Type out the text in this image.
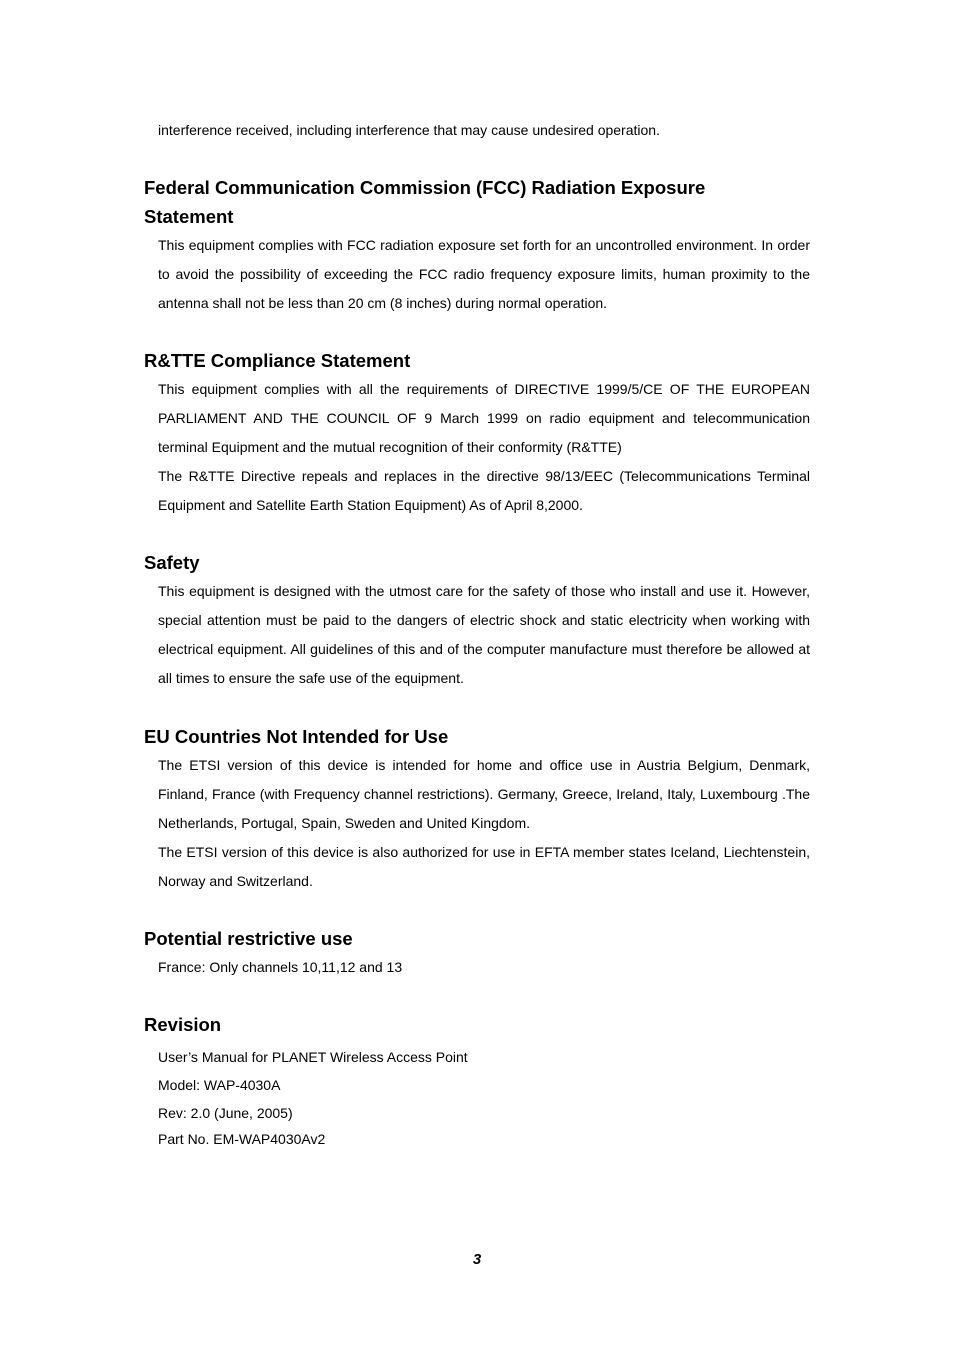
interference received, including interference that may cause undesired operation.

Federal Communication Commission (FCC) Radiation Exposure Statement

This equipment complies with FCC radiation exposure set forth for an uncontrolled environment. In order to avoid the possibility of exceeding the FCC radio frequency exposure limits, human proximity to the antenna shall not be less than 20 cm (8 inches) during normal operation.

R&TTE Compliance Statement

This equipment complies with all the requirements of DIRECTIVE 1999/5/CE OF THE EUROPEAN PARLIAMENT AND THE COUNCIL OF 9 March 1999 on radio equipment and telecommunication terminal Equipment and the mutual recognition of their conformity (R&TTE)

The R&TTE Directive repeals and replaces in the directive 98/13/EEC (Telecommunications Terminal Equipment and Satellite Earth Station Equipment) As of April 8,2000.

Safety

This equipment is designed with the utmost care for the safety of those who install and use it. However, special attention must be paid to the dangers of electric shock and static electricity when working with electrical equipment. All guidelines of this and of the computer manufacture must therefore be allowed at all times to ensure the safe use of the equipment.

EU Countries Not Intended for Use

The ETSI version of this device is intended for home and office use in Austria Belgium, Denmark, Finland, France (with Frequency channel restrictions). Germany, Greece, Ireland, Italy, Luxembourg .The Netherlands, Portugal, Spain, Sweden and United Kingdom.

The ETSI version of this device is also authorized for use in EFTA member states Iceland, Liechtenstein, Norway and Switzerland.

Potential restrictive use

France: Only channels 10,11,12 and 13

Revision

User’s Manual for PLANET Wireless Access Point

Model: WAP-4030A

Rev: 2.0 (June, 2005)

Part No. EM-WAP4030Av2

3
